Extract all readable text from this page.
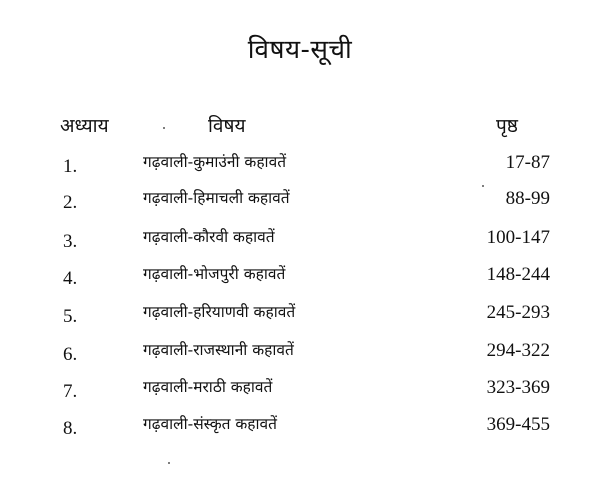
विषय-सूची
अध्याय	विषय	पृष्ठ
1.	गढ़वाली-कुमाउंनी कहावतें	17-87
2.	गढ़वाली-हिमाचली कहावतें	88-99
3.	गढ़वाली-कौरवी कहावतें	100-147
4.	गढ़वाली-भोजपुरी कहावतें	148-244
5.	गढ़वाली-हरियाणवी कहावतें	245-293
6.	गढ़वाली-राजस्थानी कहावतें	294-322
7.	गढ़वाली-मराठी कहावतें	323-369
8.	गढ़वाली-संस्कृत कहावतें	369-455
